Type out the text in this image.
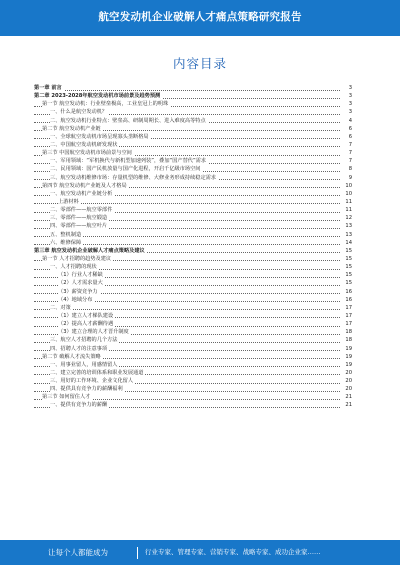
航空发动机企业破解人才痛点策略研究报告
内容目录
第一章 前言	3
第二章 2023-2028年航空发动机市场前景及趋势预测	3
第一节 航空发动机：行业壁垒极高，工业皇冠上的明珠	3
一、什么是航空发动机？	3
二、航空发动机行业特点：壁垒高、研制周期长、进入难度高等特点	4
第二节 航空发动机产业链	6
一、全球航空发动机市场呈现寡头垄断格局	6
二、中国航空发动机研发现状	7
第三节 中国航空发动机市场前景与空间	7
一、军用领域：“军机换代与新机型加速列装”，叠加“国产替代”需求	7
二、民用领域：国产民机放量与国产化进程，开启千亿级市场空间	8
三、航空发动机维修市场：存量机型的维修、大修业务形成持续稳定需求	9
第四节 航空发动机产业链及人才格局	10
一、航空发动机产业链分析	10
上游材料	11
二、零部件——航空零部件	11
三、零部件——航空锻造	12
四、零部件——航空叶片	13
五、整机制造	13
六、维修保障	14
第三章 航空发动机企业破解人才痛点策略及建议	15
第一节 人才招聘的趋势及建议	15
一、人才招聘的现状	15
（1）行业人才稀缺	15
（2）人才需求量大	15
（3）薪资竞争力	16
（4）地域分布	16
二、对策	17
（1）建立人才梯队建设	17
（2）提高人才薪酬待遇	17
（3）建立合理的人才晋升制度	18
三、航空人才招聘的几个方法	18
四、招聘人才的注意事项	19
第二节 破解人才流失策略	19
一、用事业留人，用感情留人	19
二、建立完善的培训体系和职业发展通道	20
三、用好的工作环境、企业文化留人	20
四、提供具有竞争力的薪酬福利	20
第三节 如何留住人才	21
一、提供有竞争力的薪酬	21
让每个人都能成为	行业专家、管理专家、营销专家、战略专家、成功企业家……
